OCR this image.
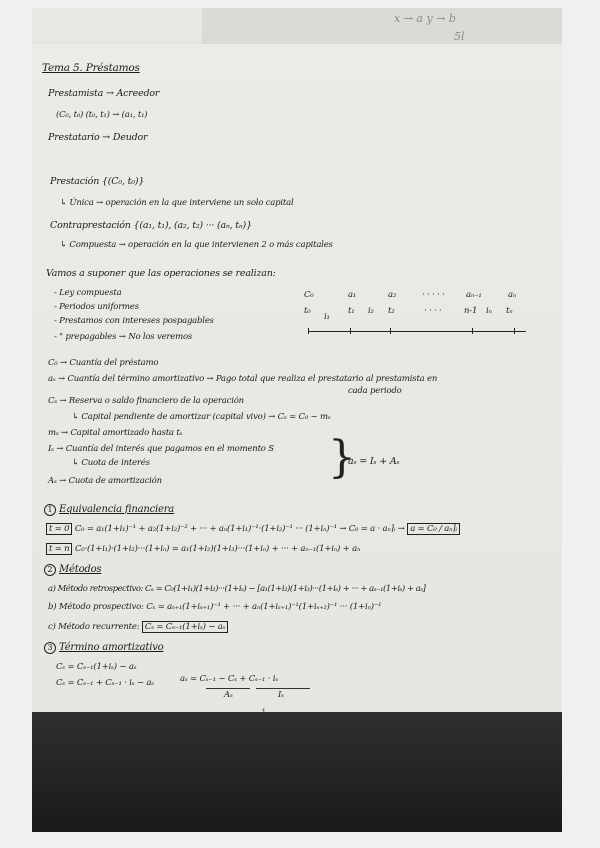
x → a y → b
5l
Tema 5. Préstamos
Prestamista → Acreedor
(C₀, t₀) (t₀, t₁) → (a₁, t₁)
Prestatario → Deudor
Prestación {(C₀, t₀)}
↳ Única → operación en la que interviene un solo capital
Contraprestación {(a₁, t₁), (a₂, t₂) ··· (aₙ, tₙ)}
↳ Compuesta → operación en la que intervienen 2 o más capitales
Vamos a suponer que las operaciones se realizan:
- Ley compuesta
- Periodos uniformes
- Prestamos con intereses pospagables
- " prepagables → No los veremos
C₀	a₁	a₂	· · · · ·	aₙ₋₁	aₙ
t₀
i₁
t₁ i₂ t₂	· · · ·	n-1 iₙ tₙ
C₀ → Cuantía del préstamo
aₛ → Cuantía del término amortizativo → Pago total que realiza el prestatario al prestamista en
cada periodo
Cₛ → Reserva o saldo financiero de la operación
↳ Capital pendiente de amortizar (capital vivo) → Cₛ = C₀ − mₛ
mₛ → Capital amortizado hasta tₛ
Iₛ → Cuantía del interés que pagamos en el momento S
↳ Cuota de interés
Aₛ → Cuota de amortización	}
aₛ = Iₛ + Aₛ
1 Equivalencia financiera
t = 0 C₀ = a₁(1+i₁)⁻¹ + a₂(1+i₂)⁻² + ··· + aₙ(1+i₁)⁻¹·(1+i₂)⁻¹ ··· (1+iₙ)⁻¹ → C₀ = a · aₙ⌉ᵢ → a = C₀ / aₙ⌉ᵢ
t = n C₀·(1+i₁)·(1+i₂)···(1+iₙ) = a₁(1+i₂)(1+i₃)···(1+iₙ) + ··· + aₙ₋₁(1+iₙ) + aₙ
2 Métodos
a) Método retrospectivo: Cₛ = C₀(1+i₁)(1+i₂)···(1+iₛ) − [a₁(1+i₂)(1+i₃)···(1+iₛ) + ··· + aₛ₋₁(1+iₛ) + aₛ]
b) Método prospectivo: Cₛ = aₛ₊₁(1+iₛ₊₁)⁻¹ + ··· + aₙ(1+iₛ₊₁)⁻¹(1+iₛ₊₂)⁻¹ ··· (1+iₙ)⁻¹
c) Método recurrente: Cₛ = Cₛ₋₁(1+iₛ) − aₛ
3 Término amortizativo
Cₛ = Cₛ₋₁(1+iₛ) − aₛ
Cₛ = Cₛ₋₁ + Cₛ₋₁ · iₛ − aₛ	aₛ = Cₛ₋₁ − Cₛ + Cₛ₋₁ · iₛ
Aₛ	Iₛ
